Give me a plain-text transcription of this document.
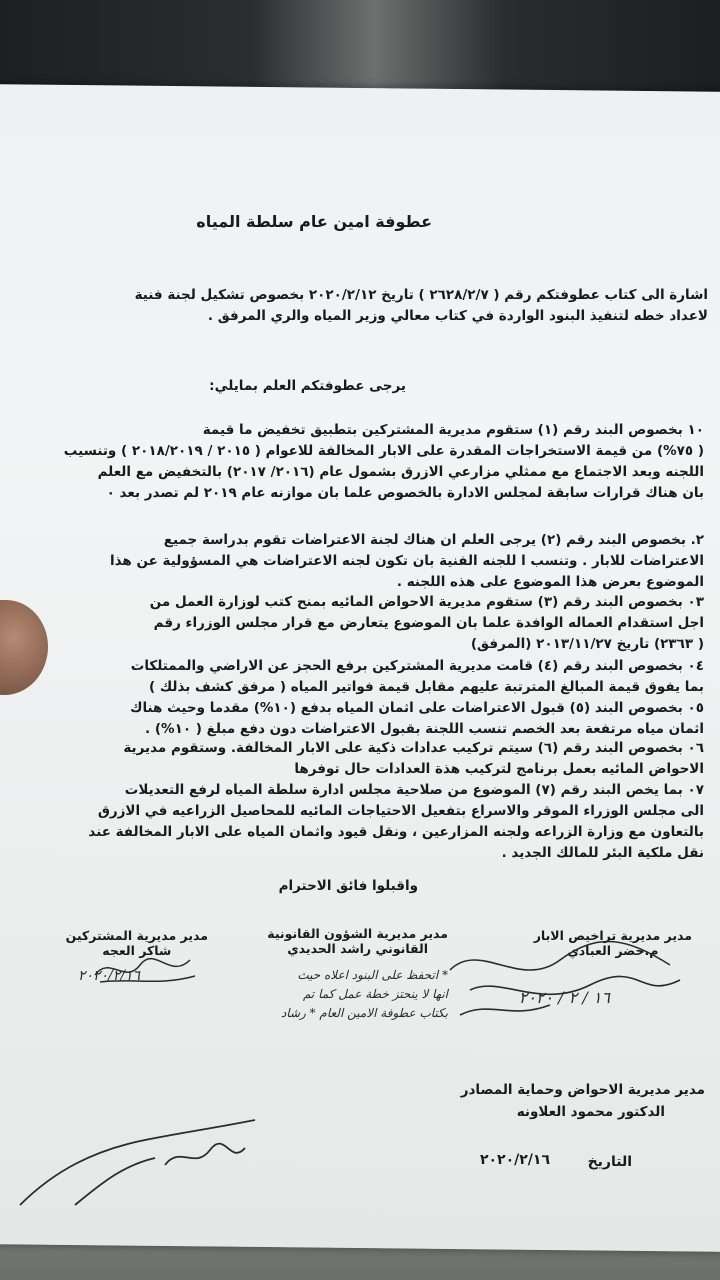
عطوفة امين عام سلطة المياه
اشارة الى كتاب عطوفتكم رقم ( ٢٦٢٨/٢/٧ ) تاريخ ٢٠٢٠/٢/١٢ بخصوص تشكيل لجنة فنية
لاعداد خطه لتنفيذ البنود الواردة في كتاب معالي وزير المياه والري المرفق .
يرجى عطوفتكم العلم بمايلي:
١٠ بخصوص البند رقم (١) ستقوم مديرية المشتركين بتطبيق تخفيض ما قيمة
( ٧٥%) من قيمة الاستخراجات المقدرة على الابار المخالفة للاعوام ( ٢٠١٥ / ٢٠١٨/٢٠١٩ ) وتنسيب
اللجنه وبعد الاجتماع مع ممثلي مزارعي الازرق بشمول عام (٢٠١٦/ ٢٠١٧) بالتخفيض مع العلم
بان هناك قرارات سابقة لمجلس الادارة بالخصوص علما بان موازنه عام ٢٠١٩ لم تصدر بعد ٠
٢. بخصوص البند رقم (٢) يرجى العلم ان هناك لجنة الاعتراضات تقوم بدراسة جميع
الاعتراضات للابار . وتنسب ا للجنه الفنية بان تكون لجنه الاعتراضات هي المسؤولية عن هذا
الموضوع بعرض هذا الموضوع على هذه اللجنه .
٠٣ بخصوص البند رقم (٣) ستقوم مديرية الاحواض المائيه بمنح كتب لوزارة العمل من
اجل استقدام العماله الوافدة علما بان الموضوع يتعارض مع قرار مجلس الوزراء رقم
( ٢٣٦٣) تاريخ ٢٠١٣/١١/٢٧ (المرفق)
٠٤ بخصوص البند رقم (٤) قامت مديرية المشتركين برفع الحجز عن الاراضي والممتلكات
بما يفوق قيمة المبالغ المترتبة عليهم مقابل قيمة فواتير المياه ( مرفق كشف بذلك )
٠٥ بخصوص البند (٥) قبول الاعتراضات على اثمان المياه بدفع (١٠%) مقدما وحيث هناك
اثمان مياه مرتفعة بعد الخصم تنسب اللجنة بقبول الاعتراضات دون دفع مبلغ ( ١٠%) .
٠٦ بخصوص البند رقم (٦) سيتم تركيب عدادات ذكية على الابار المخالفة. وستقوم مديرية
الاحواض المائيه بعمل برنامج لتركيب هذة العدادات حال توفرها
٠٧ بما يخص البند رقم (٧) الموضوع من صلاحية مجلس ادارة سلطة المياه لرفع التعديلات
الى مجلس الوزراء الموقر والاسراع بتفعيل الاحتياجات المائيه للمحاصيل الزراعيه في الازرق
بالتعاون مع وزارة الزراعه ولجنه المزارعين ، ونقل قيود واثمان المياه على الابار المخالفة عند
نقل ملكية البئر للمالك الجديد .
واقبلوا فائق الاحترام
مدير مديرية تراخيص الابار
م.خضر العبادي
مدير مديرية الشؤون القانونية
القانوني راشد الحديدي
مدير مديرية المشتركين
شاكر العجه
* اتحفظ على البنود اعلاه حيث
انها لا ينحتز خطة عمل كما تم
بكتاب عطوفة الامين العام * رشاد
١٦ / ٢ / ٢٠٢٠
٢٠٢٠/٢/١٦
مدير مديرية الاحواض وحماية المصادر
الدكتور محمود العلاونه
التاريخ
٢٠٢٠/٢/١٦
